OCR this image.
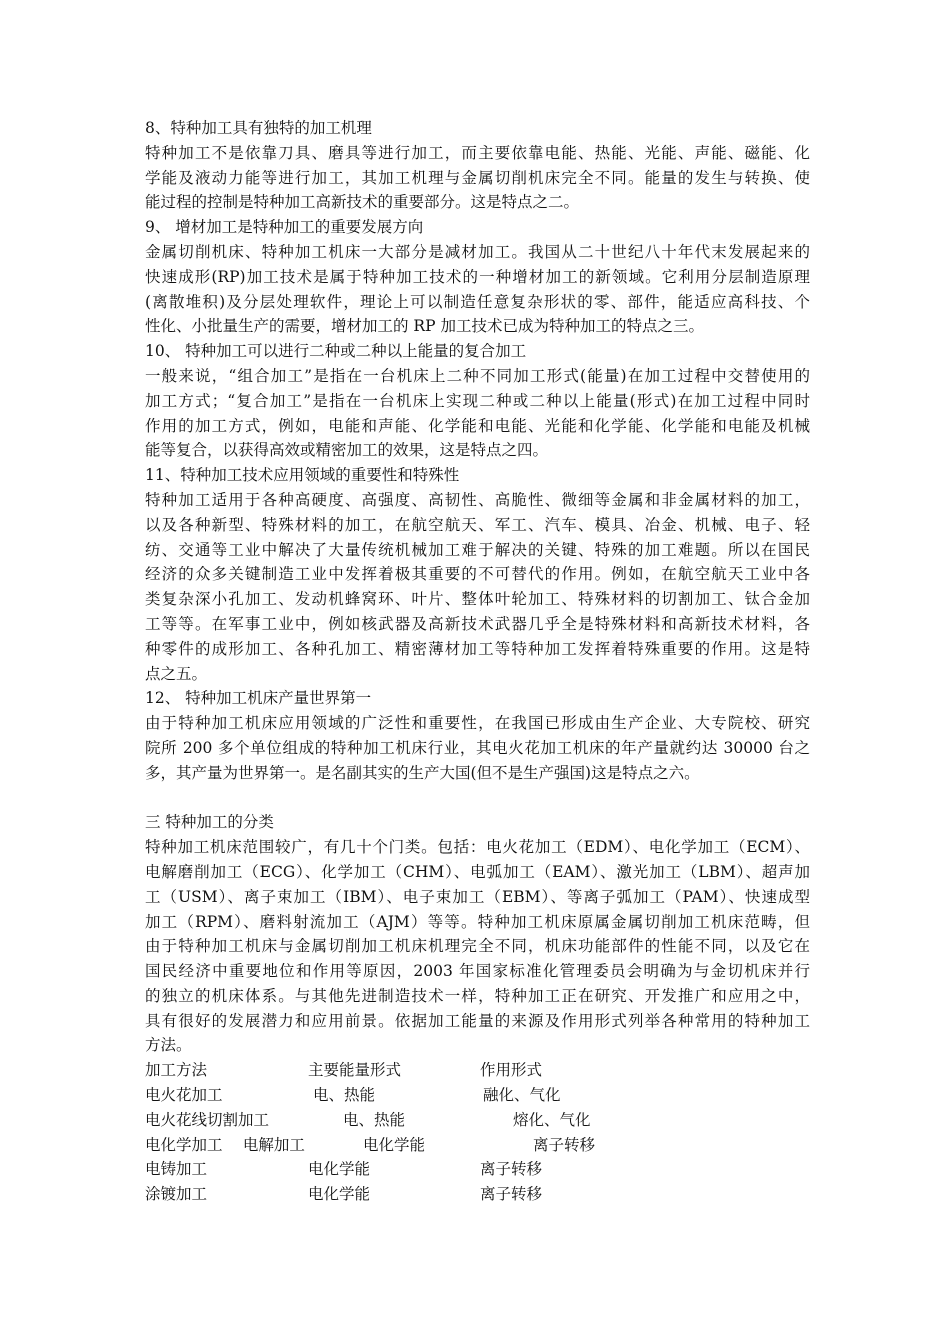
8、特种加工具有独特的加工机理
特种加工不是依靠刀具、磨具等进行加工，而主要依靠电能、热能、光能、声能、磁能、化
学能及液动力能等进行加工，其加工机理与金属切削机床完全不同。能量的发生与转换、使
能过程的控制是特种加工高新技术的重要部分。这是特点之二。
9、 增材加工是特种加工的重要发展方向
金属切削机床、特种加工机床一大部分是减材加工。我国从二十世纪八十年代末发展起来的
快速成形(RP)加工技术是属于特种加工技术的一种增材加工的新领域。它利用分层制造原理
(离散堆积)及分层处理软件，理论上可以制造任意复杂形状的零、部件，能适应高科技、个
性化、小批量生产的需要，增材加工的 RP 加工技术已成为特种加工的特点之三。
10、 特种加工可以进行二种或二种以上能量的复合加工
一般来说，“组合加工”是指在一台机床上二种不同加工形式(能量)在加工过程中交替使用的
加工方式；“复合加工”是指在一台机床上实现二种或二种以上能量(形式)在加工过程中同时
作用的加工方式，例如，电能和声能、化学能和电能、光能和化学能、化学能和电能及机械
能等复合，以获得高效或精密加工的效果，这是特点之四。
11、特种加工技术应用领域的重要性和特殊性
特种加工适用于各种高硬度、高强度、高韧性、高脆性、微细等金属和非金属材料的加工，
以及各种新型、特殊材料的加工，在航空航天、军工、汽车、模具、冶金、机械、电子、轻
纺、交通等工业中解决了大量传统机械加工难于解决的关键、特殊的加工难题。所以在国民
经济的众多关键制造工业中发挥着极其重要的不可替代的作用。例如，在航空航天工业中各
类复杂深小孔加工、发动机蜂窝环、叶片、整体叶轮加工、特殊材料的切割加工、钛合金加
工等等。在军事工业中，例如核武器及高新技术武器几乎全是特殊材料和高新技术材料，各
种零件的成形加工、各种孔加工、精密薄材加工等特种加工发挥着特殊重要的作用。这是特
点之五。
12、 特种加工机床产量世界第一
由于特种加工机床应用领域的广泛性和重要性，在我国已形成由生产企业、大专院校、研究
院所 200 多个单位组成的特种加工机床行业，其电火花加工机床的年产量就约达 30000 台之
多，其产量为世界第一。是名副其实的生产大国(但不是生产强国)这是特点之六。
三 特种加工的分类
特种加工机床范围较广，有几十个门类。包括：电火花加工（EDM）、电化学加工（ECM）、
电解磨削加工（ECG）、化学加工（CHM）、电弧加工（EAM）、激光加工（LBM）、超声加
工（USM）、离子束加工（IBM）、电子束加工（EBM）、等离子弧加工（PAM）、快速成型
加工（RPM）、磨料射流加工（AJM）等等。特种加工机床原属金属切削加工机床范畴，但
由于特种加工机床与金属切削加工机床机理完全不同，机床功能部件的性能不同，以及它在
国民经济中重要地位和作用等原因，2003 年国家标准化管理委员会明确为与金切机床并行
的独立的机床体系。与其他先进制造技术一样，特种加工正在研究、开发推广和应用之中，
具有很好的发展潜力和应用前景。依据加工能量的来源及作用形式列举各种常用的特种加工
方法。
加工方法	主要能量形式	作用形式
电火花加工	电、热能	融化、气化
电火花线切割加工	电、热能	熔化、气化
电化学加工　 电解加工	电化学能	离子转移
电铸加工	电化学能	离子转移
涂镀加工	电化学能	离子转移
